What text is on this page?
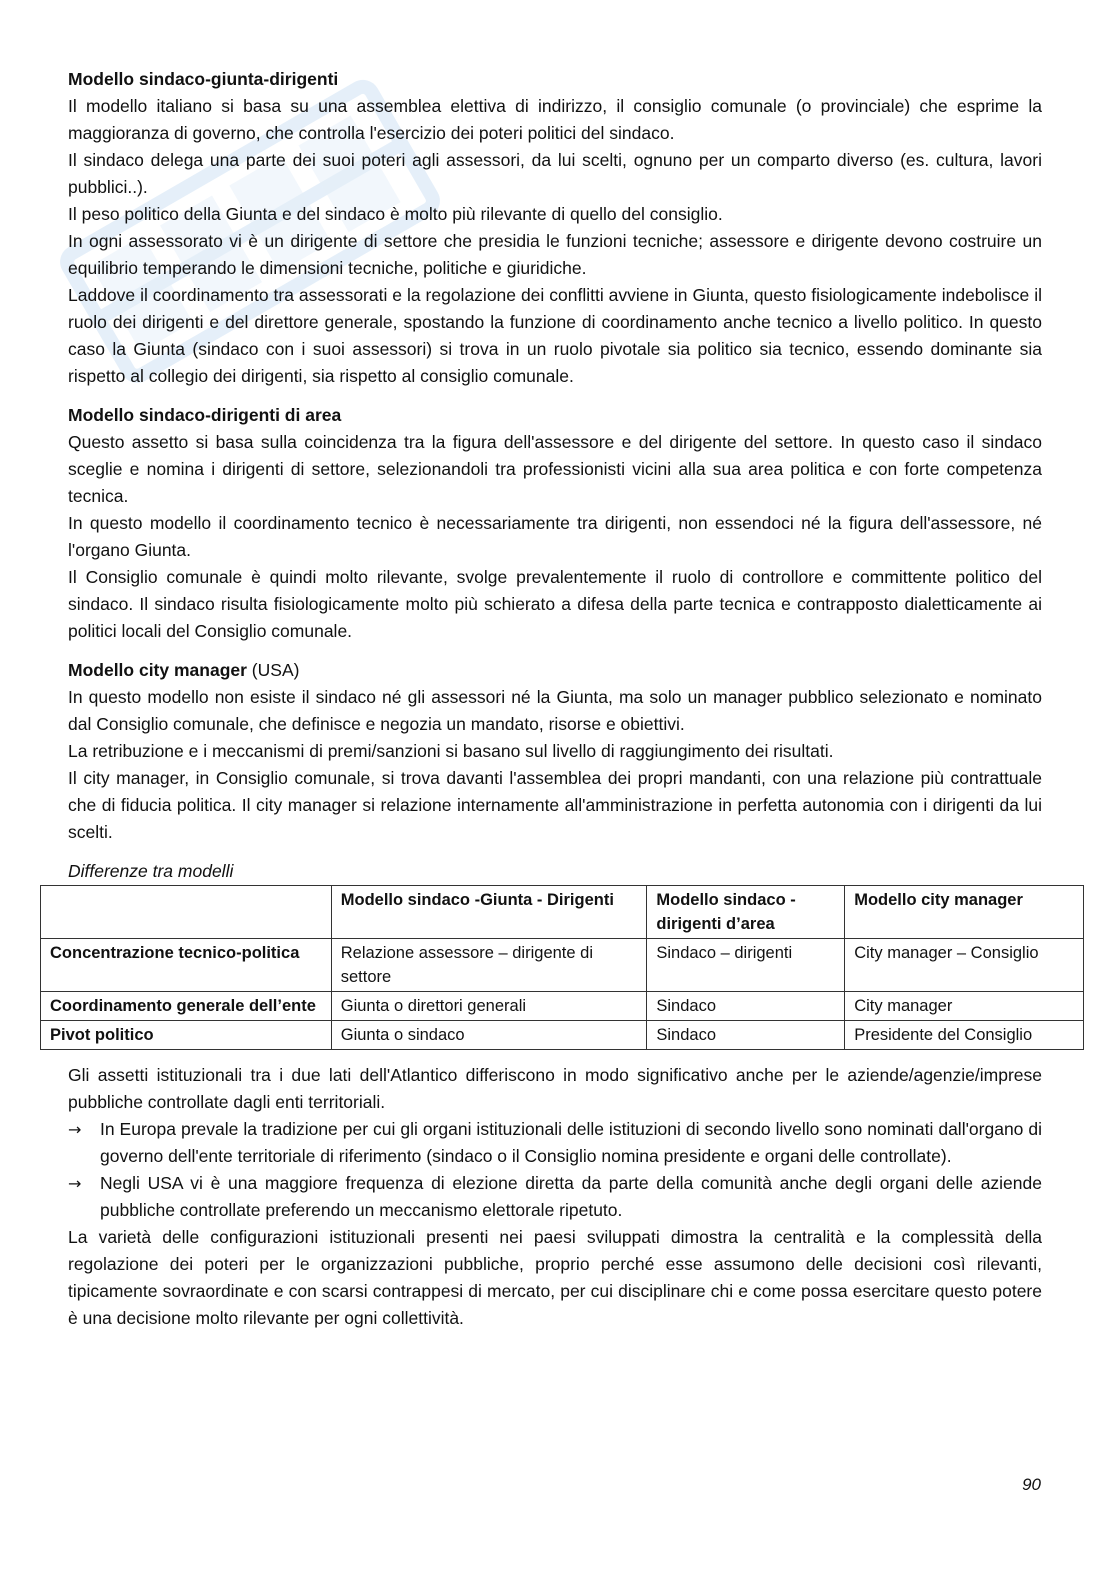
Modello sindaco-giunta-dirigenti

Il modello italiano si basa su una assemblea elettiva di indirizzo, il consiglio comunale (o provinciale) che esprime la maggioranza di governo, che controlla l'esercizio dei poteri politici del sindaco.

Il sindaco delega una parte dei suoi poteri agli assessori, da lui scelti, ognuno per un comparto diverso (es. cultura, lavori pubblici..).

Il peso politico della Giunta e del sindaco è molto più rilevante di quello del consiglio.

In ogni assessorato vi è un dirigente di settore che presidia le funzioni tecniche; assessore e dirigente devono costruire un equilibrio temperando le dimensioni tecniche, politiche e giuridiche.

Laddove il coordinamento tra assessorati e la regolazione dei conflitti avviene in Giunta, questo fisiologicamente indebolisce il ruolo dei dirigenti e del direttore generale, spostando la funzione di coordinamento anche tecnico a livello politico. In questo caso la Giunta (sindaco con i suoi assessori) si trova in un ruolo pivotale sia politico sia tecnico, essendo dominante sia rispetto al collegio dei dirigenti, sia rispetto al consiglio comunale.

Modello sindaco-dirigenti di area

Questo assetto si basa sulla coincidenza tra la figura dell'assessore e del dirigente del settore. In questo caso il sindaco sceglie e nomina i dirigenti di settore, selezionandoli tra professionisti vicini alla sua area politica e con forte competenza tecnica.

In questo modello il coordinamento tecnico è necessariamente tra dirigenti, non essendoci né la figura dell'assessore, né l'organo Giunta.

Il Consiglio comunale è quindi molto rilevante, svolge prevalentemente il ruolo di controllore e committente politico del sindaco. Il sindaco risulta fisiologicamente molto più schierato a difesa della parte tecnica e contrapposto dialetticamente ai politici locali del Consiglio comunale.

Modello city manager (USA)

In questo modello non esiste il sindaco né gli assessori né la Giunta, ma solo un manager pubblico selezionato e nominato dal Consiglio comunale, che definisce e negozia un mandato, risorse e obiettivi.

La retribuzione e i meccanismi di premi/sanzioni si basano sul livello di raggiungimento dei risultati.

Il city manager, in Consiglio comunale, si trova davanti l'assemblea dei propri mandanti, con una relazione più contrattuale che di fiducia politica. Il city manager si relazione internamente all'amministrazione in perfetta autonomia con i dirigenti da lui scelti.

Differenze tra modelli
	Modello sindaco -Giunta - Dirigenti	Modello sindaco - dirigenti d’area	Modello city manager
Concentrazione tecnico-politica	Relazione assessore – dirigente di settore	Sindaco – dirigenti	City manager – Consiglio
Coordinamento generale dell’ente	Giunta o direttori generali	Sindaco	City manager
Pivot politico	Giunta o sindaco	Sindaco	Presidente del Consiglio

Gli assetti istituzionali tra i due lati dell'Atlantico differiscono in modo significativo anche per le aziende/agenzie/imprese pubbliche controllate dagli enti territoriali.

→	In Europa prevale la tradizione per cui gli organi istituzionali delle istituzioni di secondo livello sono nominati dall'organo di governo dell'ente territoriale di riferimento (sindaco o il Consiglio nomina presidente e organi delle controllate).
→	Negli USA vi è una maggiore frequenza di elezione diretta da parte della comunità anche degli organi delle aziende pubbliche controllate preferendo un meccanismo elettorale ripetuto.

La varietà delle configurazioni istituzionali presenti nei paesi sviluppati dimostra la centralità e la complessità della regolazione dei poteri per le organizzazioni pubbliche, proprio perché esse assumono delle decisioni così rilevanti, tipicamente sovraordinate e con scarsi contrappesi di mercato, per cui disciplinare chi e come possa esercitare questo potere è una decisione molto rilevante per ogni collettività.

90
